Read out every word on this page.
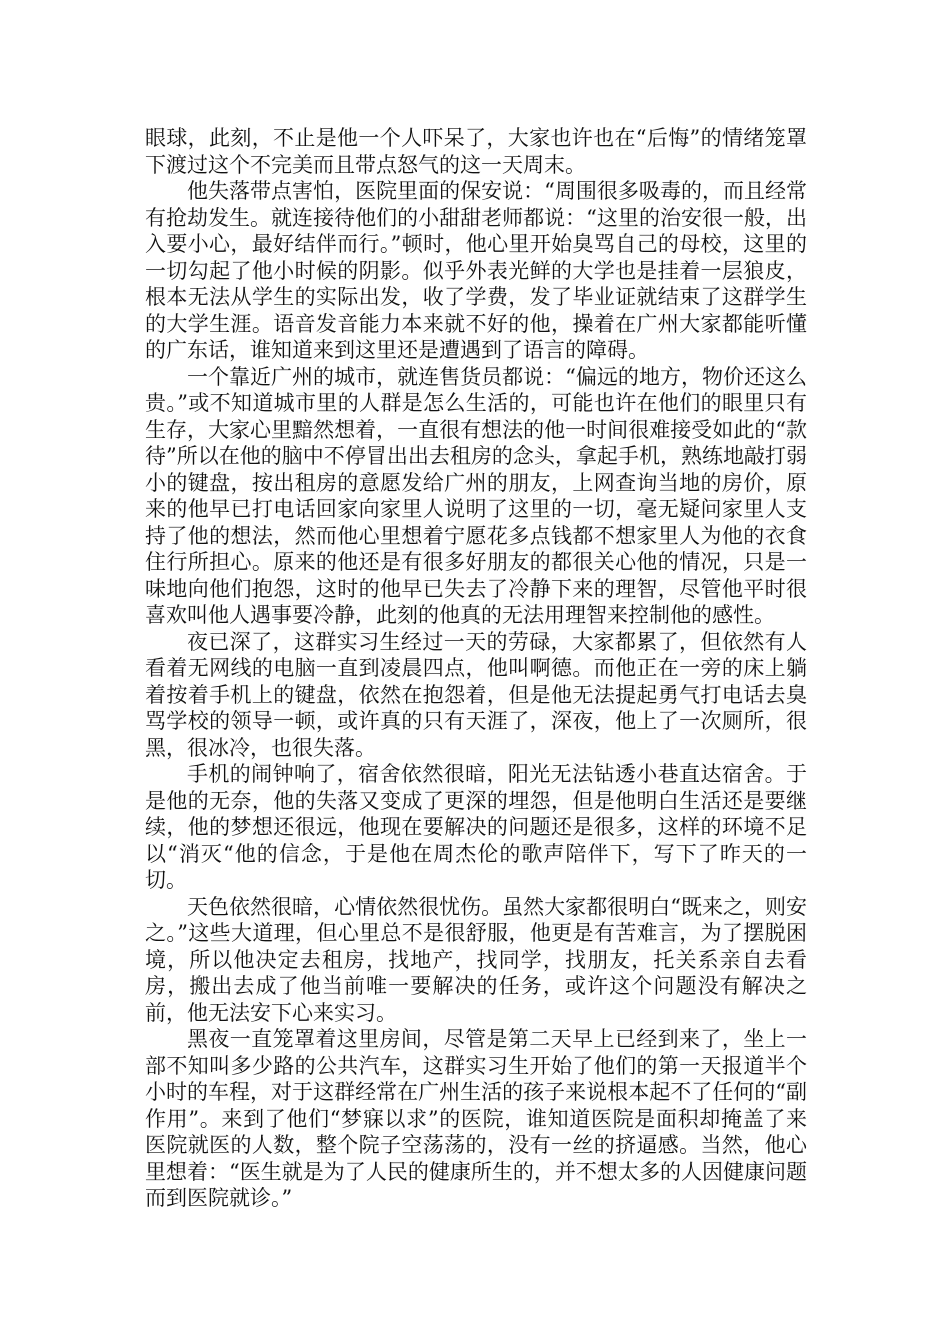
眼球，此刻，不止是他一个人吓呆了，大家也许也在“后悔”的情绪笼罩下渡过这个不完美而且带点怒气的这一天周末。

他失落带点害怕，医院里面的保安说：“周围很多吸毒的，而且经常有抢劫发生。就连接待他们的小甜甜老师都说：“这里的治安很一般，出入要小心，最好结伴而行。”顿时，他心里开始臭骂自己的母校，这里的一切勾起了他小时候的阴影。似乎外表光鲜的大学也是挂着一层狼皮，根本无法从学生的实际出发，收了学费，发了毕业证就结束了这群学生的大学生涯。语音发音能力本来就不好的他，操着在广州大家都能听懂的广东话，谁知道来到这里还是遭遇到了语言的障碍。

一个靠近广州的城市，就连售货员都说：“偏远的地方，物价还这么贵。”或不知道城市里的人群是怎么生活的，可能也许在他们的眼里只有生存，大家心里黯然想着，一直很有想法的他一时间很难接受如此的“款待”所以在他的脑中不停冒出出去租房的念头，拿起手机，熟练地敲打弱小的键盘，按出租房的意愿发给广州的朋友，上网查询当地的房价，原来的他早已打电话回家向家里人说明了这里的一切，毫无疑问家里人支持了他的想法，然而他心里想着宁愿花多点钱都不想家里人为他的衣食住行所担心。原来的他还是有很多好朋友的都很关心他的情况，只是一味地向他们抱怨，这时的他早已失去了冷静下来的理智，尽管他平时很喜欢叫他人遇事要冷静，此刻的他真的无法用理智来控制他的感性。

夜已深了，这群实习生经过一天的劳碌，大家都累了，但依然有人看着无网线的电脑一直到凌晨四点，他叫啊德。而他正在一旁的床上躺着按着手机上的键盘，依然在抱怨着，但是他无法提起勇气打电话去臭骂学校的领导一顿，或许真的只有天涯了，深夜，他上了一次厕所，很黑，很冰冷，也很失落。

手机的闹钟响了，宿舍依然很暗，阳光无法钻透小巷直达宿舍。于是他的无奈，他的失落又变成了更深的埋怨，但是他明白生活还是要继续，他的梦想还很远，他现在要解决的问题还是很多，这样的环境不足以“消灭“他的信念，于是他在周杰伦的歌声陪伴下，写下了昨天的一切。

天色依然很暗，心情依然很忧伤。虽然大家都很明白“既来之，则安之。”这些大道理，但心里总不是很舒服，他更是有苦难言，为了摆脱困境，所以他决定去租房，找地产，找同学，找朋友，托关系亲自去看房，搬出去成了他当前唯一要解决的任务，或许这个问题没有解决之前，他无法安下心来实习。

黑夜一直笼罩着这里房间，尽管是第二天早上已经到来了，坐上一部不知叫多少路的公共汽车，这群实习生开始了他们的第一天报道半个小时的车程，对于这群经常在广州生活的孩子来说根本起不了任何的“副作用”。来到了他们“梦寐以求”的医院，谁知道医院是面积却掩盖了来医院就医的人数，整个院子空荡荡的，没有一丝的挤逼感。当然，他心里想着：“医生就是为了人民的健康所生的，并不想太多的人因健康问题而到医院就诊。”
